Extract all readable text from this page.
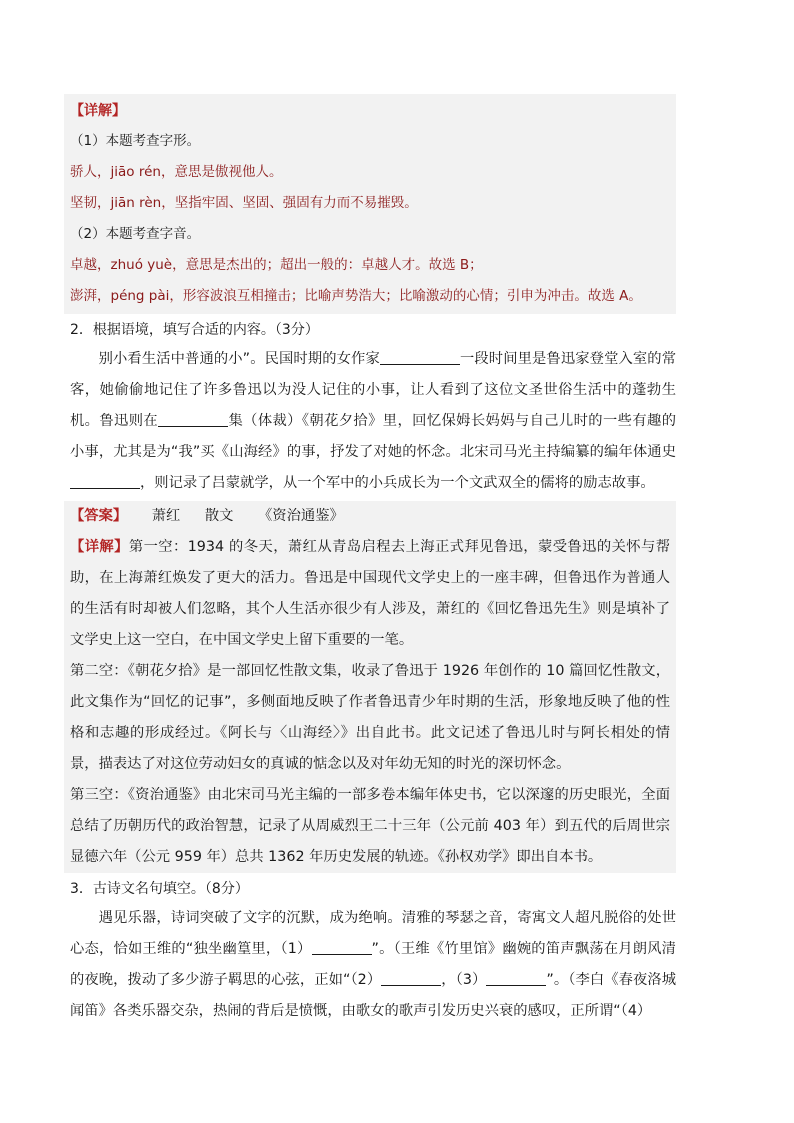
【详解】
（1）本题考查字形。
骄人，jiāo rén，意思是傲视他人。
坚韧，jiān rèn，坚指牢固、坚固、强固有力而不易摧毁。
（2）本题考查字音。
卓越，zhuó yuè，意思是杰出的；超出一般的：卓越人才。故选 B；
澎湃，péng pài，形容波浪互相撞击；比喻声势浩大；比喻激动的心情；引申为冲击。故选 A。
2．根据语境，填写合适的内容。（3分）

别小看生活中普通的小”。民国时期的女作家	一段时间里是鲁迅家登堂入室的常客，她偷偷地记住了许多鲁迅以为没人记住的小事，让人看到了这位文圣世俗生活中的蓬勃生机。鲁迅则在	集（体裁）《朝花夕拾》里，回忆保姆长妈妈与自己儿时的一些有趣的小事，尤其是为“我”买《山海经》的事，抒发了对她的怀念。北宋司马光主持编纂的编年体通史，则记录了吕蒙就学，从一个军中的小兵成长为一个文武双全的儒将的励志故事。

【答案】 萧红 散文 《资治通鉴》

【详解】第一空：1934 的冬天，萧红从青岛启程去上海正式拜见鲁迅，蒙受鲁迅的关怀与帮助，在上海萧红焕发了更大的活力。鲁迅是中国现代文学史上的一座丰碑，但鲁迅作为普通人的生活有时却被人们忽略，其个人生活亦很少有人涉及，萧红的《回忆鲁迅先生》则是填补了文学史上这一空白，在中国文学史上留下重要的一笔。

第二空：《朝花夕拾》是一部回忆性散文集，收录了鲁迅于 1926 年创作的 10 篇回忆性散文，此文集作为“回忆的记事”，多侧面地反映了作者鲁迅青少年时期的生活，形象地反映了他的性格和志趣的形成经过。《阿长与〈山海经〉》出自此书。此文记述了鲁迅儿时与阿长相处的情景，描表达了对这位劳动妇女的真诚的惦念以及对年幼无知的时光的深切怀念。

第三空：《资治通鉴》由北宋司马光主编的一部多卷本编年体史书，它以深邃的历史眼光，全面总结了历朝历代的政治智慧，记录了从周威烈王二十三年（公元前 403 年）到五代的后周世宗显德六年（公元 959 年）总共 1362 年历史发展的轨迹。《孙权劝学》即出自本书。

3．古诗文名句填空。（8分）

遇见乐器，诗词突破了文字的沉默，成为绝响。清雅的琴瑟之音，寄寓文人超凡脱俗的处世心态，恰如王维的“独坐幽篁里，（1）	”。（王维《竹里馆》幽婉的笛声飘荡在月朗风清的夜晚，拨动了多少游子羁思的心弦，正如“（2）	，（3）	”。（李白《春夜洛城闻笛》各类乐器交杂，热闹的背后是愤慨，由歌女的歌声引发历史兴衰的感叹，正所谓“（4）
